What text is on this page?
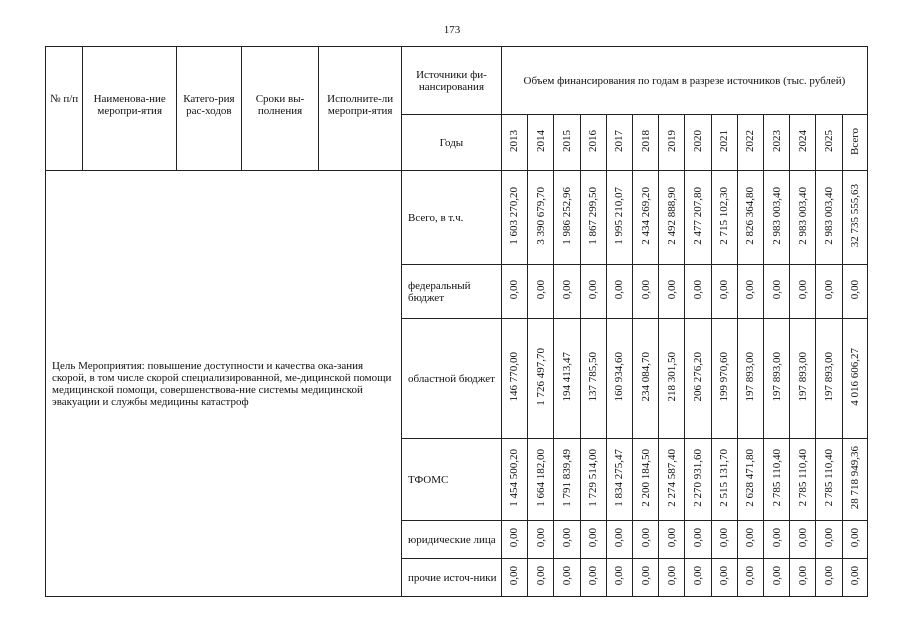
173
№ п/п	Наименова-ние меропри-ятия	Катего-рия рас-ходов	Сроки вы-полнения	Исполните-ли меропри-ятия	Источники фи-нансирования	Объем финансирования по годам в разрезе источников (тыс. рублей)													
					Годы	2013	2014	2015	2016	2017	2018	2019	2020	2021	2022	2023	2024	2025	Всего
Цель Мероприятия: повышение доступности и качества ока-зания скорой, в том числе скорой специализированной, ме-дицинской помощи медицинской помощи, совершенствова-ние системы медицинской эвакуации и службы медицины катастроф					Всего, в т.ч.	1 603 270,20	3 390 679,70	1 986 252,96	1 867 299,50	1 995 210,07	2 434 269,20	2 492 888,90	2 477 207,80	2 715 102,30	2 826 364,80	2 983 003,40	2 983 003,40	2 983 003,40	32 735 555,63
					федеральный бюджет	0,00	0,00	0,00	0,00	0,00	0,00	0,00	0,00	0,00	0,00	0,00	0,00	0,00	0,00
					областной бюджет	146 770,00	1 726 497,70	194 413,47	137 785,50	160 934,60	234 084,70	218 301,50	206 276,20	199 970,60	197 893,00	197 893,00	197 893,00	197 893,00	4 016 606,27
					ТФОМС	1 454 500,20	1 664 182,00	1 791 839,49	1 729 514,00	1 834 275,47	2 200 184,50	2 274 587,40	2 270 931,60	2 515 131,70	2 628 471,80	2 785 110,40	2 785 110,40	2 785 110,40	28 718 949,36
					юридические лица	0,00	0,00	0,00	0,00	0,00	0,00	0,00	0,00	0,00	0,00	0,00	0,00	0,00	0,00
					прочие источ-ники	0,00	0,00	0,00	0,00	0,00	0,00	0,00	0,00	0,00	0,00	0,00	0,00	0,00	0,00
